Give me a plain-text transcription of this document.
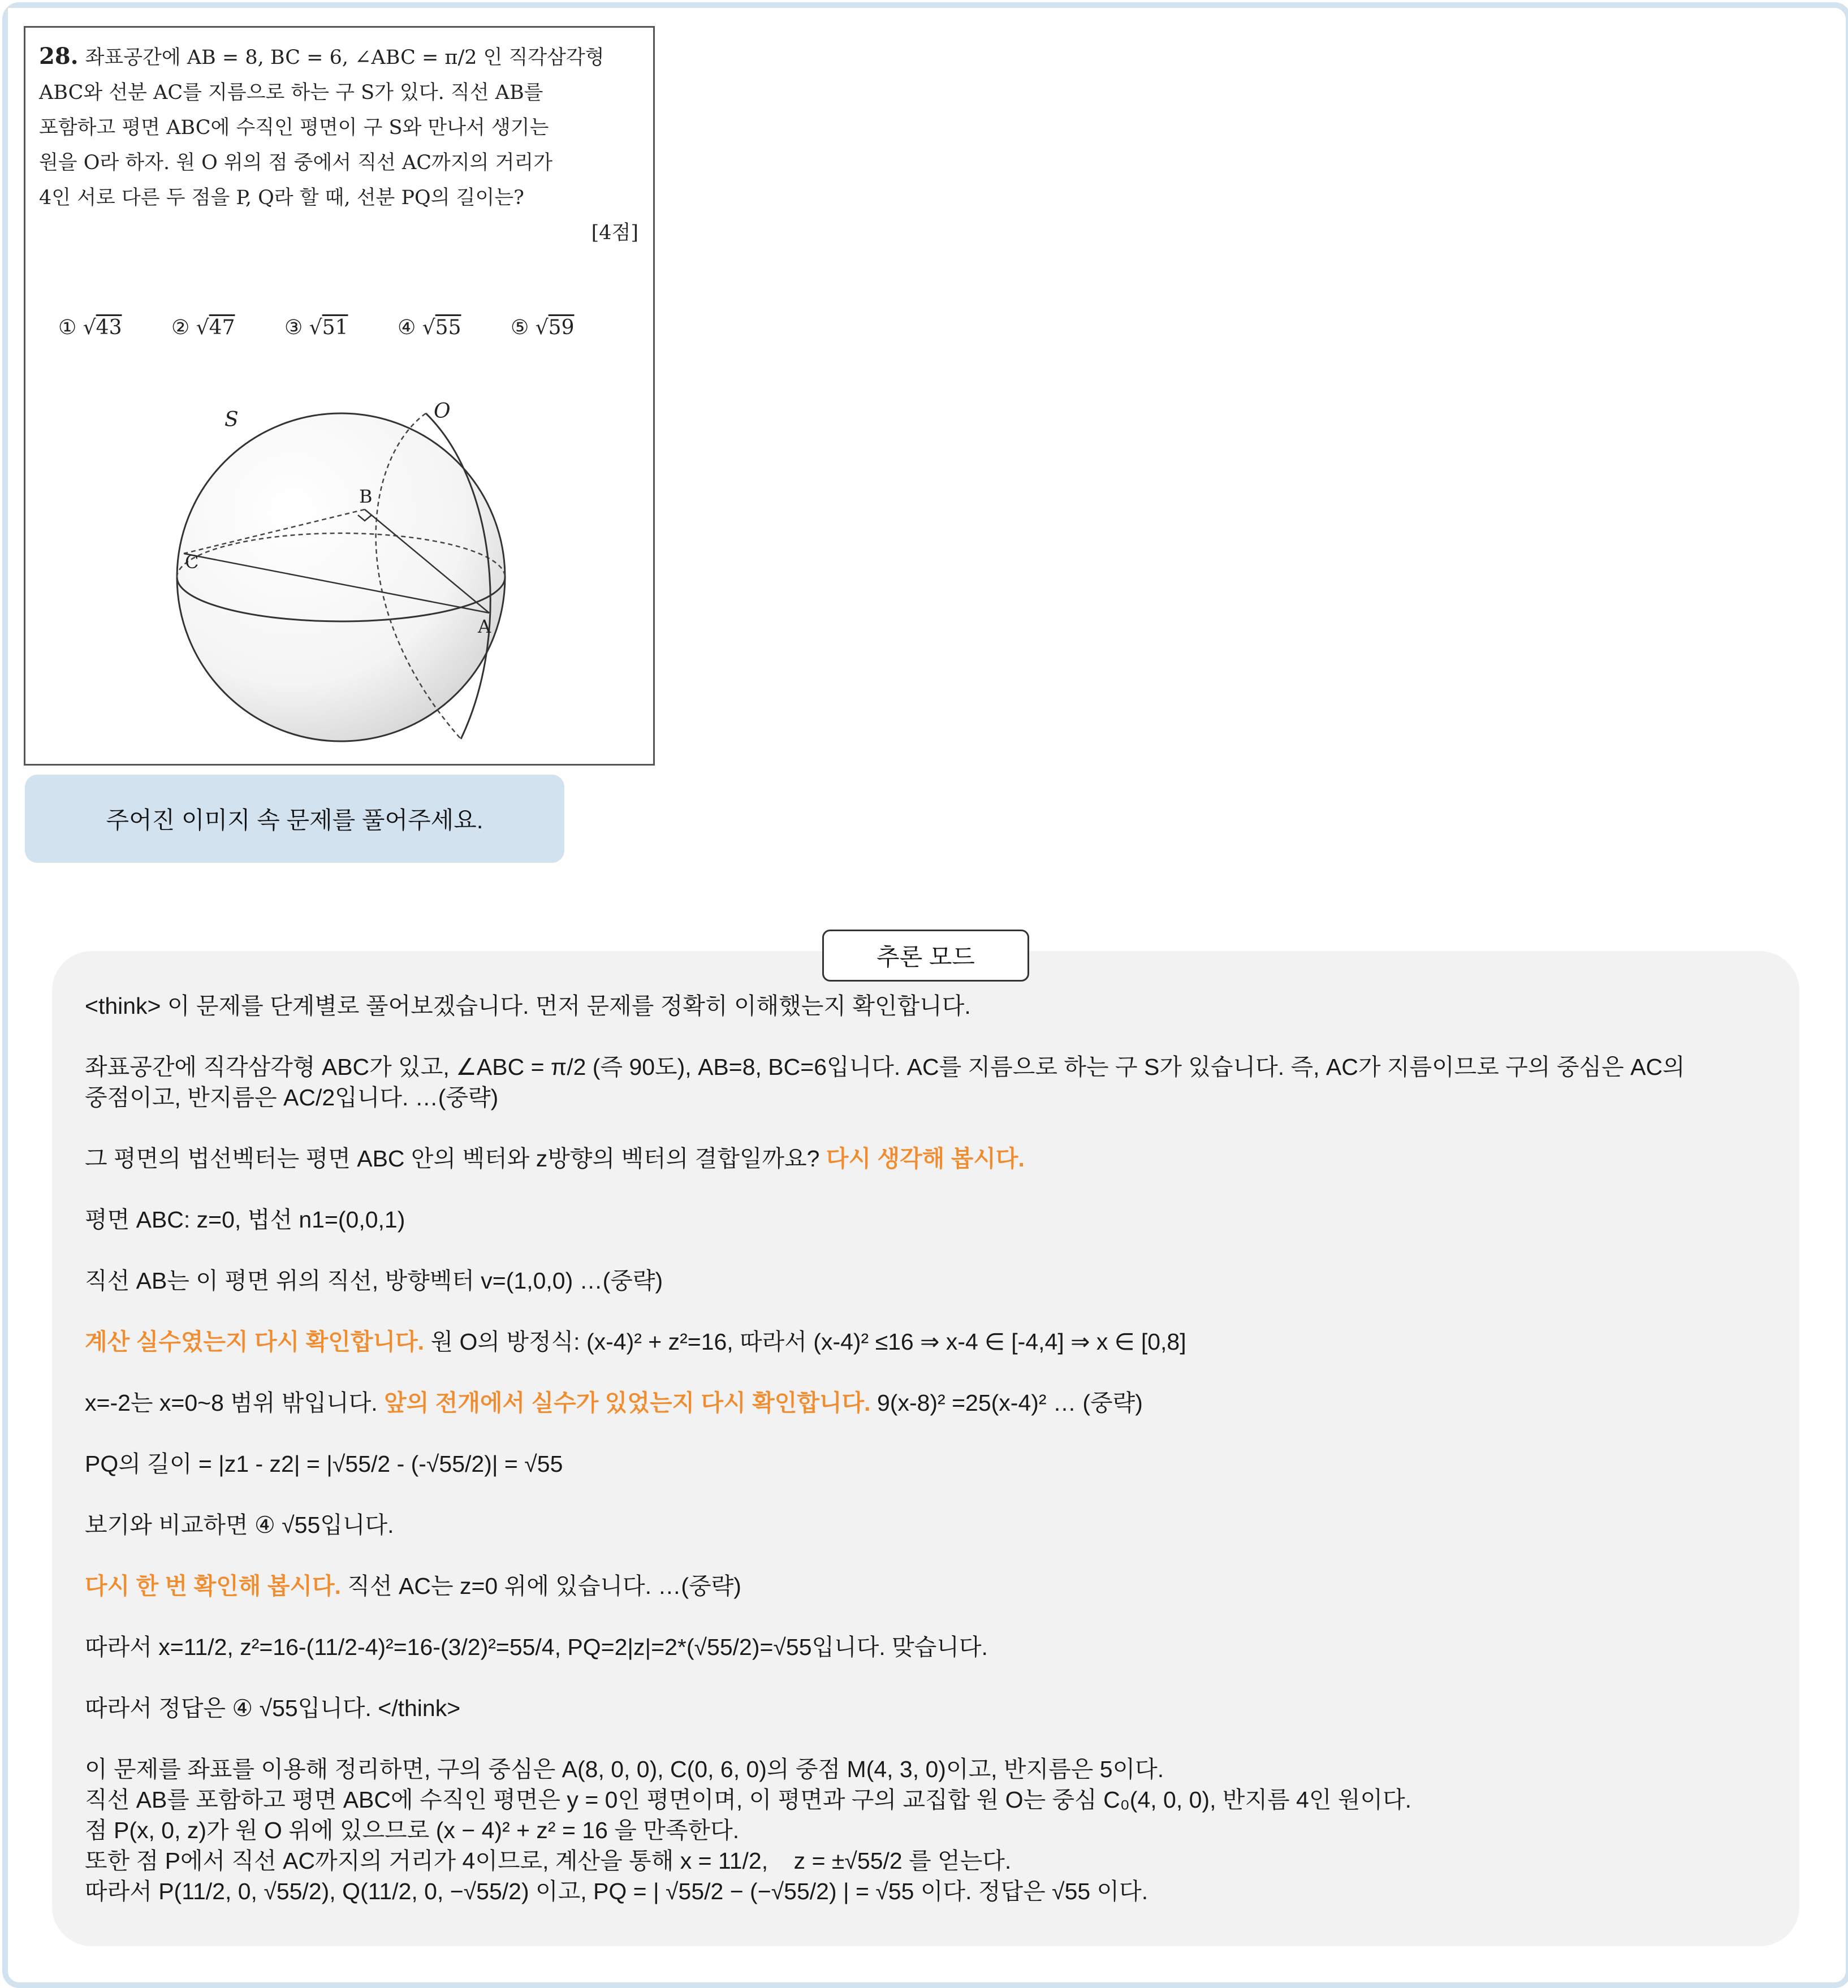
28. 좌표공간에 AB = 8, BC = 6, ∠ABC = π/2 인 직각삼각형

ABC와 선분 AC를 지름으로 하는 구 S가 있다. 직선 AB를

포함하고 평면 ABC에 수직인 평면이 구 S와 만나서 생기는

원을 O라 하자. 원 O 위의 점 중에서 직선 AC까지의 거리가

4인 서로 다른 두 점을 P, Q라 할 때, 선분 PQ의 길이는?

[4점]

① √43	② √47	③ √51	④ √55	⑤ √59
S	O
B
C
A
주어진 이미지 속 문제를 풀어주세요.
추론 모드

<think> 이 문제를 단계별로 풀어보겠습니다. 먼저 문제를 정확히 이해했는지 확인합니다.

좌표공간에 직각삼각형 ABC가 있고, ∠ABC = π/2 (즉 90도), AB=8, BC=6입니다. AC를 지름으로 하는 구 S가 있습니다. 즉, AC가 지름이므로 구의 중심은 AC의
중점이고, 반지름은 AC/2입니다. …(중략)

그 평면의 법선벡터는 평면 ABC 안의 벡터와 z방향의 벡터의 결합일까요? 다시 생각해 봅시다.

평면 ABC: z=0, 법선 n1=(0,0,1)

직선 AB는 이 평면 위의 직선, 방향벡터 v=(1,0,0) …(중략)

계산 실수였는지 다시 확인합니다. 원 O의 방정식: (x-4)² + z²=16, 따라서 (x-4)² ≤16 ⇒ x-4 ∈ [-4,4] ⇒ x ∈ [0,8]

x=-2는 x=0~8 범위 밖입니다. 앞의 전개에서 실수가 있었는지 다시 확인합니다. 9(x-8)² =25(x-4)² … (중략)

PQ의 길이 = |z1 - z2| = |√55/2 - (-√55/2)| = √55

보기와 비교하면 ④ √55입니다.

다시 한 번 확인해 봅시다. 직선 AC는 z=0 위에 있습니다. …(중략)

따라서 x=11/2, z²=16-(11/2-4)²=16-(3/2)²=55/4, PQ=2|z|=2*(√55/2)=√55입니다. 맞습니다.

따라서 정답은 ④ √55입니다. </think>

이 문제를 좌표를 이용해 정리하면, 구의 중심은 A(8, 0, 0), C(0, 6, 0)의 중점 M(4, 3, 0)이고, 반지름은 5이다.

직선 AB를 포함하고 평면 ABC에 수직인 평면은 y = 0인 평면이며, 이 평면과 구의 교집합 원 O는 중심 C₀(4, 0, 0), 반지름 4인 원이다.

점 P(x, 0, z)가 원 O 위에 있으므로 (x − 4)² + z² = 16 을 만족한다.

또한 점 P에서 직선 AC까지의 거리가 4이므로, 계산을 통해 x = 11/2,    z = ±√55/2 를 얻는다.

따라서 P(11/2, 0, √55/2), Q(11/2, 0, −√55/2) 이고, PQ = | √55/2 − (−√55/2) | = √55 이다. 정답은 √55 이다.
